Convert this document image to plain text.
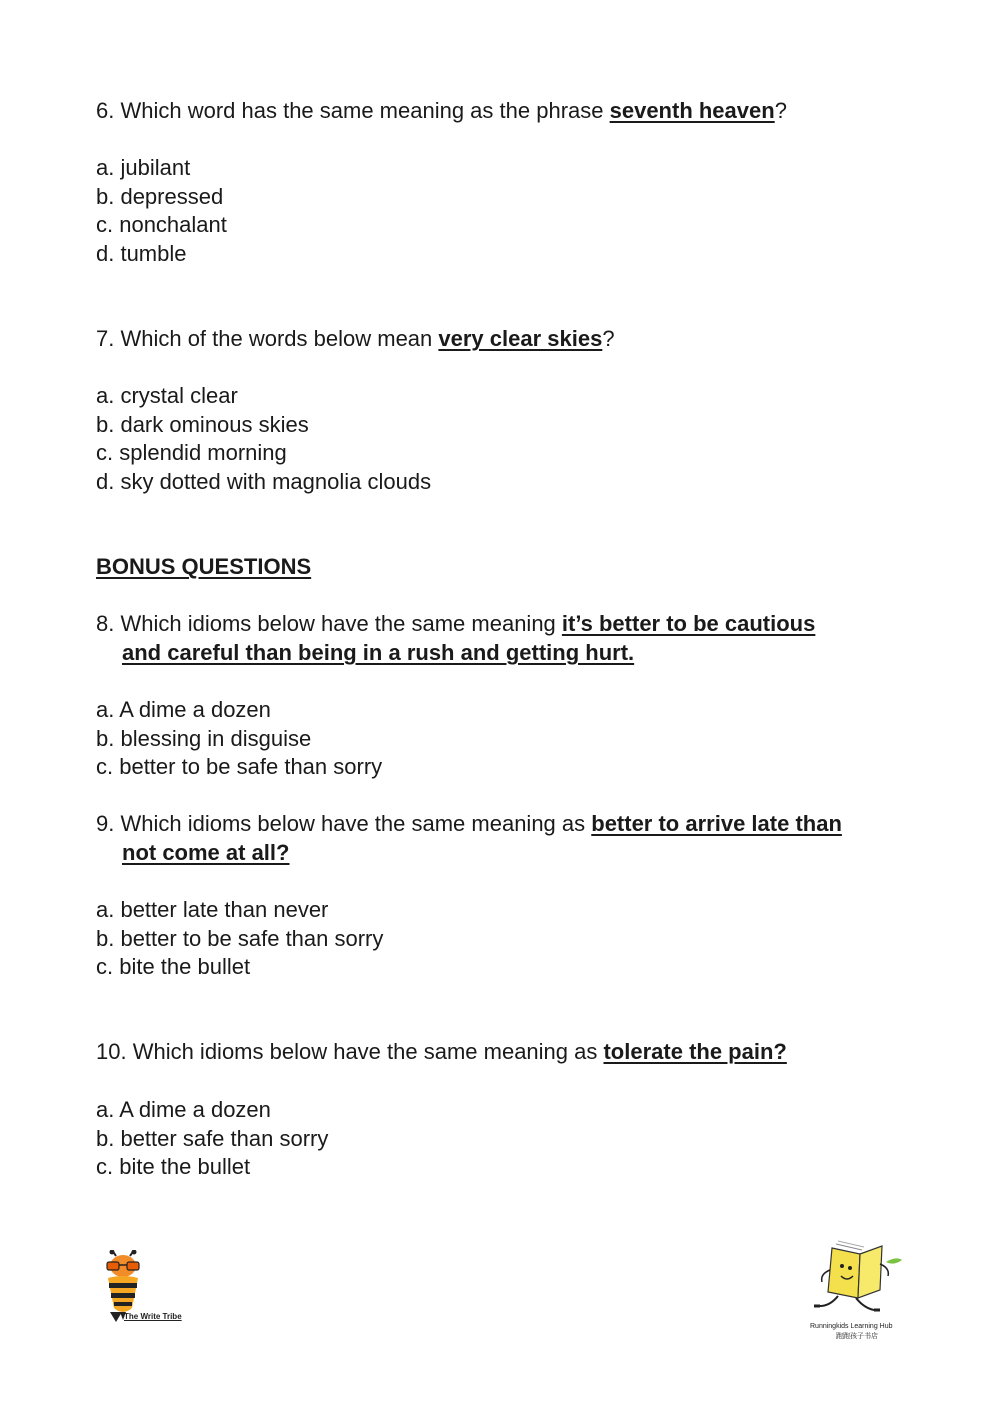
6. Which word has the same meaning as the phrase seventh heaven?
a. jubilant
b. depressed
c. nonchalant
d. tumble
7. Which of the words below mean very clear skies?
a. crystal clear
b. dark ominous skies
c. splendid morning
d. sky dotted with magnolia clouds
BONUS QUESTIONS
8. Which idioms below have the same meaning it’s better to be cautious
and careful than being in a rush and getting hurt.
a. A dime a dozen
b. blessing in disguise
c. better to be safe than sorry
9. Which idioms below have the same meaning as better to arrive late than
not come at all?
a. better late than never
b. better to be safe than sorry
c. bite the bullet
10. Which idioms below have the same meaning as tolerate the pain?
a. A dime a dozen
b. better safe than sorry
c. bite the bullet
The Write Tribe
Runningkids Learning Hub
跑跑孩子书店
